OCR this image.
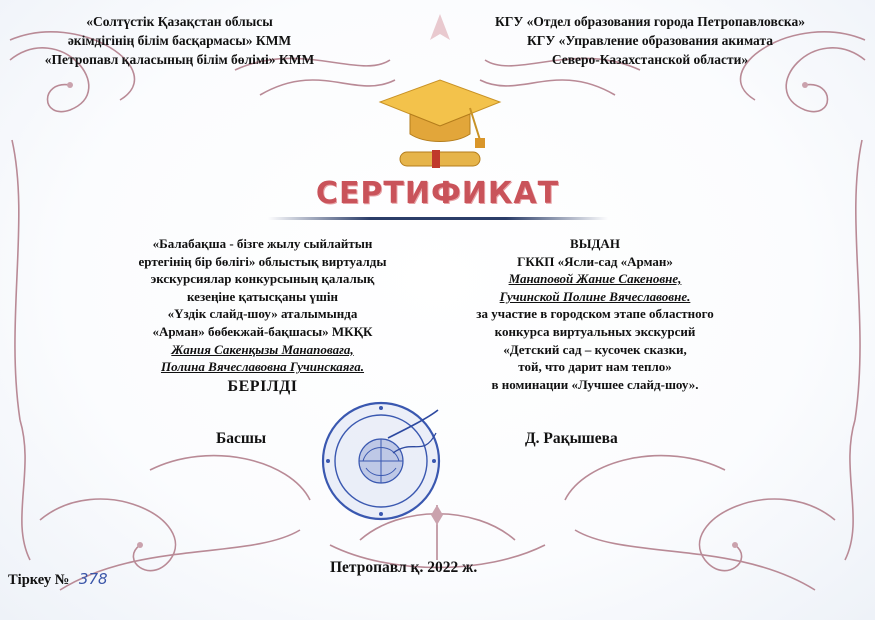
«Солтүстік Қазақстан облысы
әкімдігінің білім басқармасы» КММ
«Петропавл қаласының білім бөлімі» КММ
КГУ «Отдел образования города Петропавловска»
КГУ «Управление образования акимата
Северо-Казахстанской области»
СЕРТИФИКАТ
«Балабақша - бізге жылу сыйлайтын
ертегінің бір бөлігі» облыстық виртуалды
экскурсиялар конкурсының қалалық
кезеңіне қатысқаны үшін
«Үздік слайд-шоу» аталымында
«Арман» бөбекжай-бақшасы» МКҚК
Жания Сакенқызы Манаповаға,
Полина Вячеславовна Гучинскаяға.
БЕРІЛДІ
ВЫДАН
ГККП «Ясли-сад «Арман»
Манаповой Жание Сакеновне,
Гучинской Полине Вячеславовне.
за участие в городском этапе областного
конкурса виртуальных экскурсий
«Детский сад – кусочек сказки,
той, что дарит нам тепло»
в номинации «Лучшее слайд-шоу».
Басшы	Д. Рақышева
Петропавл қ. 2022 ж.
Тіркеу № 378
